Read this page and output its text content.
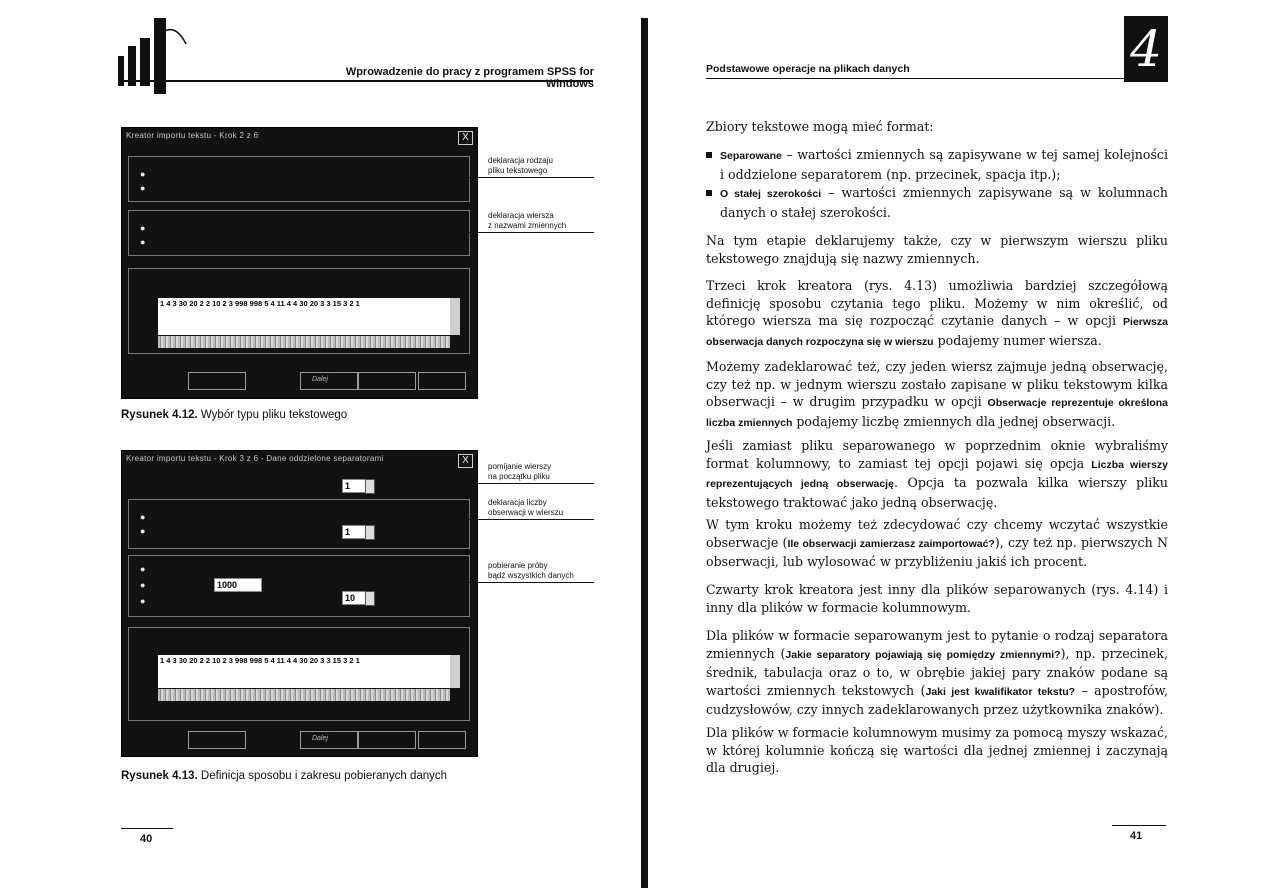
Wprowadzenie do pracy z programem SPSS for Windows
Podstawowe operacje na plikach danych	4
Kreator importu tekstu - Krok 2 z 6	X
●
●
●
●
1 4 3 30 20 2 2 10 2 3 998 998 5 4 11 4 4 30 20 3 3 15 3 2 1
Dalej
deklaracja rodzaju
pliku tekstowego
deklaracja wiersza
z nazwami zmiennych
Rysunek 4.12. Wybór typu pliku tekstowego
Kreator importu tekstu - Krok 3 z 6 - Dane oddzielone separatorami	X
1
●
●	1
●
●	1000
●	10
1 4 3 30 20 2 2 10 2 3 998 998 5 4 11 4 4 30 20 3 3 15 3 2 1
Dalej
pomijanie wierszy
na początku pliku
deklaracja liczby
obserwacji w wierszu
pobieranie próby
bądź wszystkich danych
Rysunek 4.13. Definicja sposobu i zakresu pobieranych danych
40
Zbiory tekstowe mogą mieć format:
Separowane – wartości zmiennych są zapisywane w tej samej kolejności i oddzielone separatorem (np. przecinek, spacja itp.);
O stałej szerokości – wartości zmiennych zapisywane są w kolumnach danych o stałej szerokości.
Na tym etapie deklarujemy także, czy w pierwszym wierszu pliku tekstowego znajdują się nazwy zmiennych.
Trzeci krok kreatora (rys. 4.13) umożliwia bardziej szczegółową definicję sposobu czytania tego pliku. Możemy w nim określić, od którego wiersza ma się rozpocząć czytanie danych – w opcji Pierwsza obserwacja danych rozpoczyna się w wierszu podajemy numer wiersza.
Możemy zadeklarować też, czy jeden wiersz zajmuje jedną obserwację, czy też np. w jednym wierszu zostało zapisane w pliku tekstowym kilka obserwacji – w drugim przypadku w opcji Obserwacje reprezentuje określona liczba zmiennych podajemy liczbę zmiennych dla jednej obserwacji.
Jeśli zamiast pliku separowanego w poprzednim oknie wybraliśmy format kolumnowy, to zamiast tej opcji pojawi się opcja Liczba wierszy reprezentujących jedną obserwację. Opcja ta pozwala kilka wierszy pliku tekstowego traktować jako jedną obserwację.
W tym kroku możemy też zdecydować czy chcemy wczytać wszystkie obserwacje (Ile obserwacji zamierzasz zaimportować?), czy też np. pierwszych N obserwacji, lub wylosować w przybliżeniu jakiś ich procent.
Czwarty krok kreatora jest inny dla plików separowanych (rys. 4.14) i inny dla plików w formacie kolumnowym.
Dla plików w formacie separowanym jest to pytanie o rodzaj separatora zmiennych (Jakie separatory pojawiają się pomiędzy zmiennymi?), np. przecinek, średnik, tabulacja oraz o to, w obrębie jakiej pary znaków podane są wartości zmiennych tekstowych (Jaki jest kwalifikator tekstu? – apostrofów, cudzysłowów, czy innych zadeklarowanych przez użytkownika znaków).
Dla plików w formacie kolumnowym musimy za pomocą myszy wskazać, w której kolumnie kończą się wartości dla jednej zmiennej i zaczynają dla drugiej.
41
